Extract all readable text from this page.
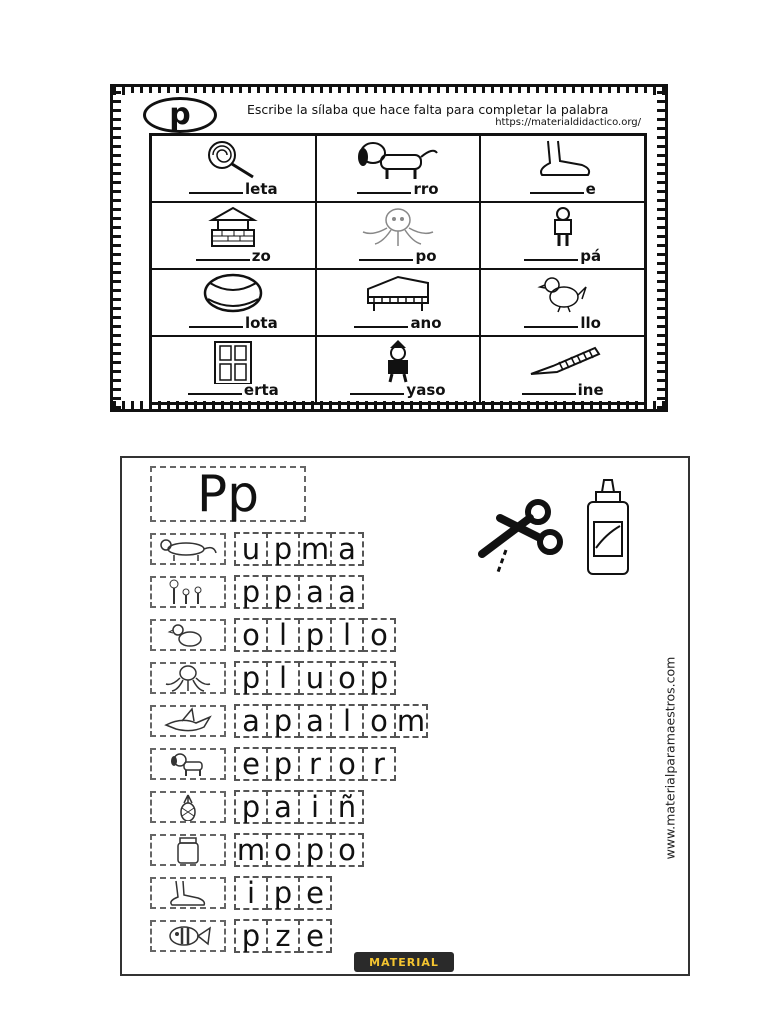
p	Escribe la sílaba que hace falta para completar la palabra
https://materialdidactico.org/
leta	rro	e
zo	po	pá
lota	ano	llo
erta	yaso	ine
Pp
www.materialparamaestros.com
MATERIAL
u p m a
p p a a
o l p l o
p l u o p
a p a l o m
e p r o r
p a i ñ
m o p o
i p e
p z e
